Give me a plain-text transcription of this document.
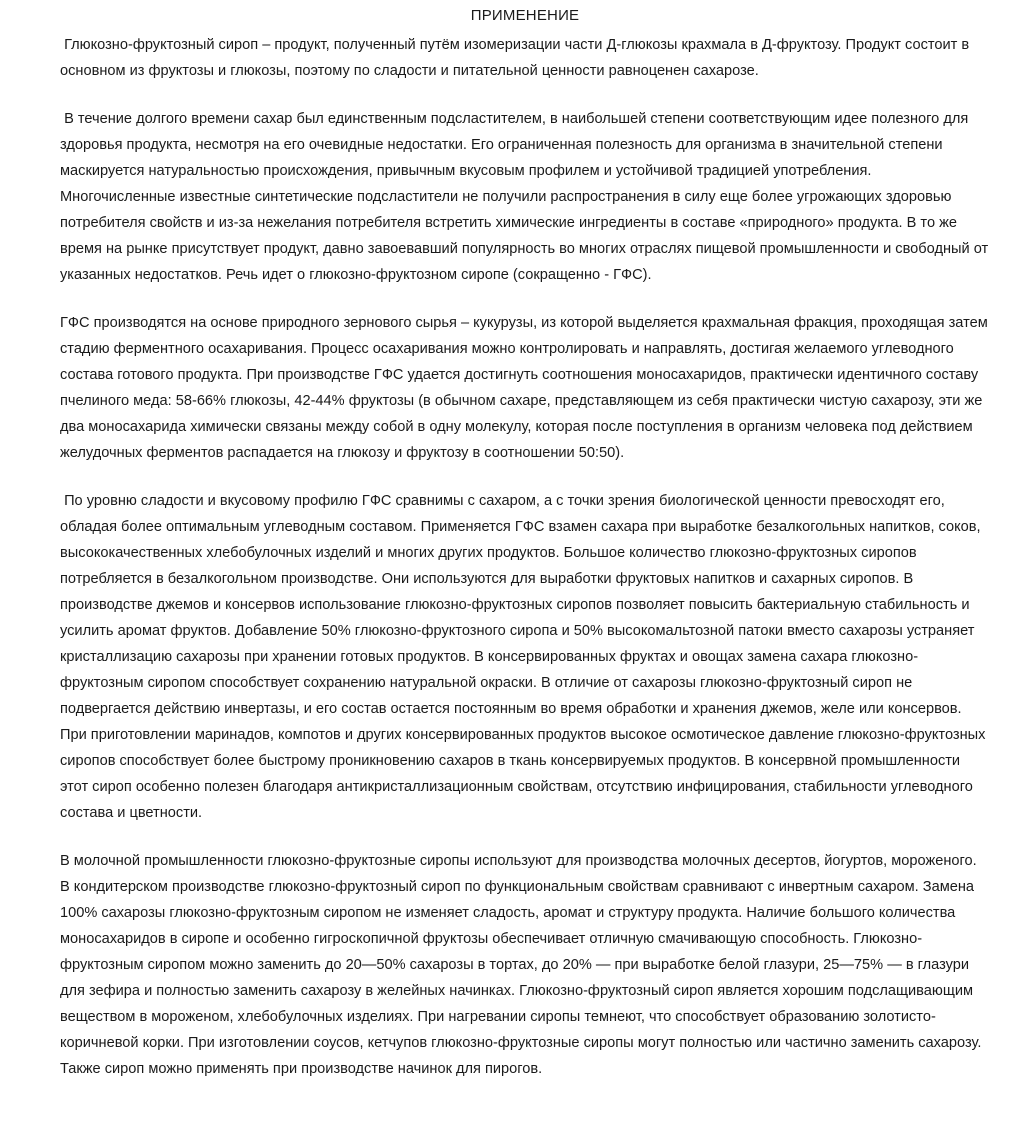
ПРИМЕНЕНИЕ

Глюкозно-фруктозный сироп – продукт, полученный путём изомеризации части Д-глюкозы крахмала в Д-фруктозу. Продукт состоит в основном из фруктозы и глюкозы, поэтому по сладости и питательной ценности равноценен сахарозе.

В течение долгого времени сахар был единственным подсластителем, в наибольшей степени соответствующим идее полезного для здоровья продукта, несмотря на его очевидные недостатки. Его ограниченная полезность для организма в значительной степени маскируется натуральностью происхождения, привычным вкусовым профилем и устойчивой традицией употребления. Многочисленные известные синтетические подсластители не получили распространения в силу еще более угрожающих здоровью потребителя свойств и из-за нежелания потребителя встретить химические ингредиенты в составе «природного» продукта. В то же время на рынке присутствует продукт, давно завоевавший популярность во многих отраслях пищевой промышленности и свободный от указанных недостатков. Речь идет о глюкозно-фруктозном сиропе (сокращенно - ГФС).

ГФС производятся на основе природного зернового сырья – кукурузы, из которой выделяется крахмальная фракция, проходящая затем стадию ферментного осахаривания. Процесс осахаривания можно контролировать и направлять, достигая желаемого углеводного состава готового продукта. При производстве ГФС удается достигнуть соотношения моносахаридов, практически идентичного составу пчелиного меда: 58-66% глюкозы, 42-44% фруктозы (в обычном сахаре, представляющем из себя практически чистую сахарозу, эти же два моносахарида химически связаны между собой в одну молекулу, которая после поступления в организм человека под действием желудочных ферментов распадается на глюкозу и фруктозу в соотношении 50:50).

По уровню сладости и вкусовому профилю ГФС сравнимы с сахаром, а с точки зрения биологической ценности превосходят его, обладая более оптимальным углеводным составом. Применяется ГФС взамен сахара при выработке безалкогольных напитков, соков, высококачественных хлебобулочных изделий и многих других продуктов. Большое количество глюкозно-фруктозных сиропов потребляется в безалкогольном производстве. Они используются для выработки фруктовых напитков и сахарных сиропов. В производстве джемов и консервов использование глюкозно-фруктозных сиропов позволяет повысить бактериальную стабильность и усилить аромат фруктов. Добавление 50% глюкозно-фруктозного сиропа и 50% высокомальтозной патоки вместо сахарозы устраняет кристаллизацию сахарозы при хранении готовых продуктов. В консервированных фруктах и овощах замена сахара глюкозно- фруктозным сиропом способствует сохранению натуральной окраски. В отличие от сахарозы глюкозно-фруктозный сироп не подвергается действию инвертазы, и его состав остается постоянным во время обработки и хранения джемов, желе или консервов. При приготовлении маринадов, компотов и других консервированных продуктов высокое осмотическое давление глюкозно-фруктозных сиропов способствует более быстрому проникновению сахаров в ткань консервируемых продуктов. В консервной промышленности этот сироп особенно полезен благодаря антикристаллизационным свойствам, отсутствию инфицирования, стабильности углеводного состава и цветности.

В молочной промышленности глюкозно-фруктозные сиропы используют для производства молочных десертов, йогуртов, мороженого. В кондитерском производстве глюкозно-фруктозный сироп по функциональным свойствам сравнивают с инвертным сахаром. Замена 100% сахарозы глюкозно-фруктозным сиропом не изменяет сладость, аромат и структуру продукта. Наличие большого количества моносахаридов в сиропе и особенно гигроскопичной фруктозы обеспечивает отличную смачивающую способность. Глюкозно-фруктозным сиропом можно заменить до 20—50% сахарозы в тортах, до 20% — при выработке белой глазури, 25—75% — в глазури для зефира и полностью заменить сахарозу в желейных начинках. Глюкозно-фруктозный сироп является хорошим подслащивающим веществом в мороженом, хлебобулочных изделиях. При нагревании сиропы темнеют, что способствует образованию золотисто-коричневой корки. При изготовлении соусов, кетчупов глюкозно-фруктозные сиропы могут полностью или частично заменить сахарозу. Также сироп можно применять при производстве начинок для пирогов.
